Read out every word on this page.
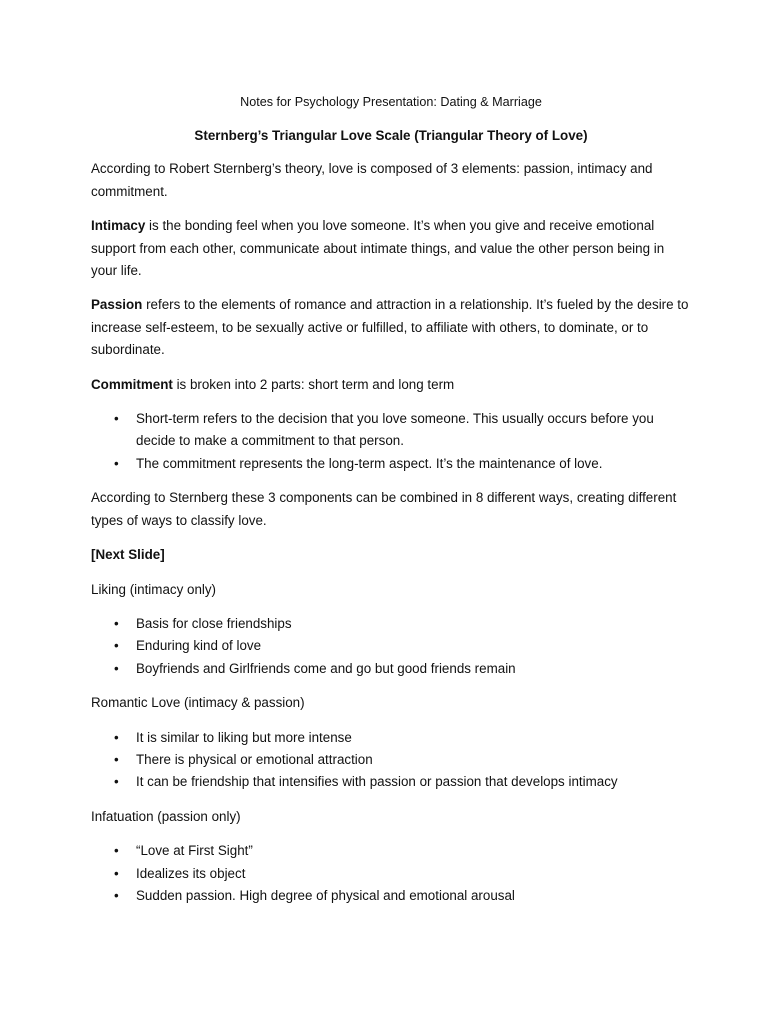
Notes for Psychology Presentation: Dating & Marriage
Sternberg’s Triangular Love Scale (Triangular Theory of Love)

According to Robert Sternberg’s theory, love is composed of 3 elements: passion, intimacy and commitment.

Intimacy is the bonding feel when you love someone. It’s when you give and receive emotional support from each other, communicate about intimate things, and value the other person being in your life.

Passion refers to the elements of romance and attraction in a relationship. It’s fueled by the desire to increase self-esteem, to be sexually active or fulfilled, to affiliate with others, to dominate, or to subordinate.

Commitment is broken into 2 parts: short term and long term

• Short-term refers to the decision that you love someone. This usually occurs before you decide to make a commitment to that person.
• The commitment represents the long-term aspect. It’s the maintenance of love.

According to Sternberg these 3 components can be combined in 8 different ways, creating different types of ways to classify love.

[Next Slide]

Liking (intimacy only)

• Basis for close friendships
• Enduring kind of love
• Boyfriends and Girlfriends come and go but good friends remain

Romantic Love (intimacy & passion)

• It is similar to liking but more intense
• There is physical or emotional attraction
• It can be friendship that intensifies with passion or passion that develops intimacy

Infatuation (passion only)

• “Love at First Sight”
• Idealizes its object
• Sudden passion. High degree of physical and emotional arousal
